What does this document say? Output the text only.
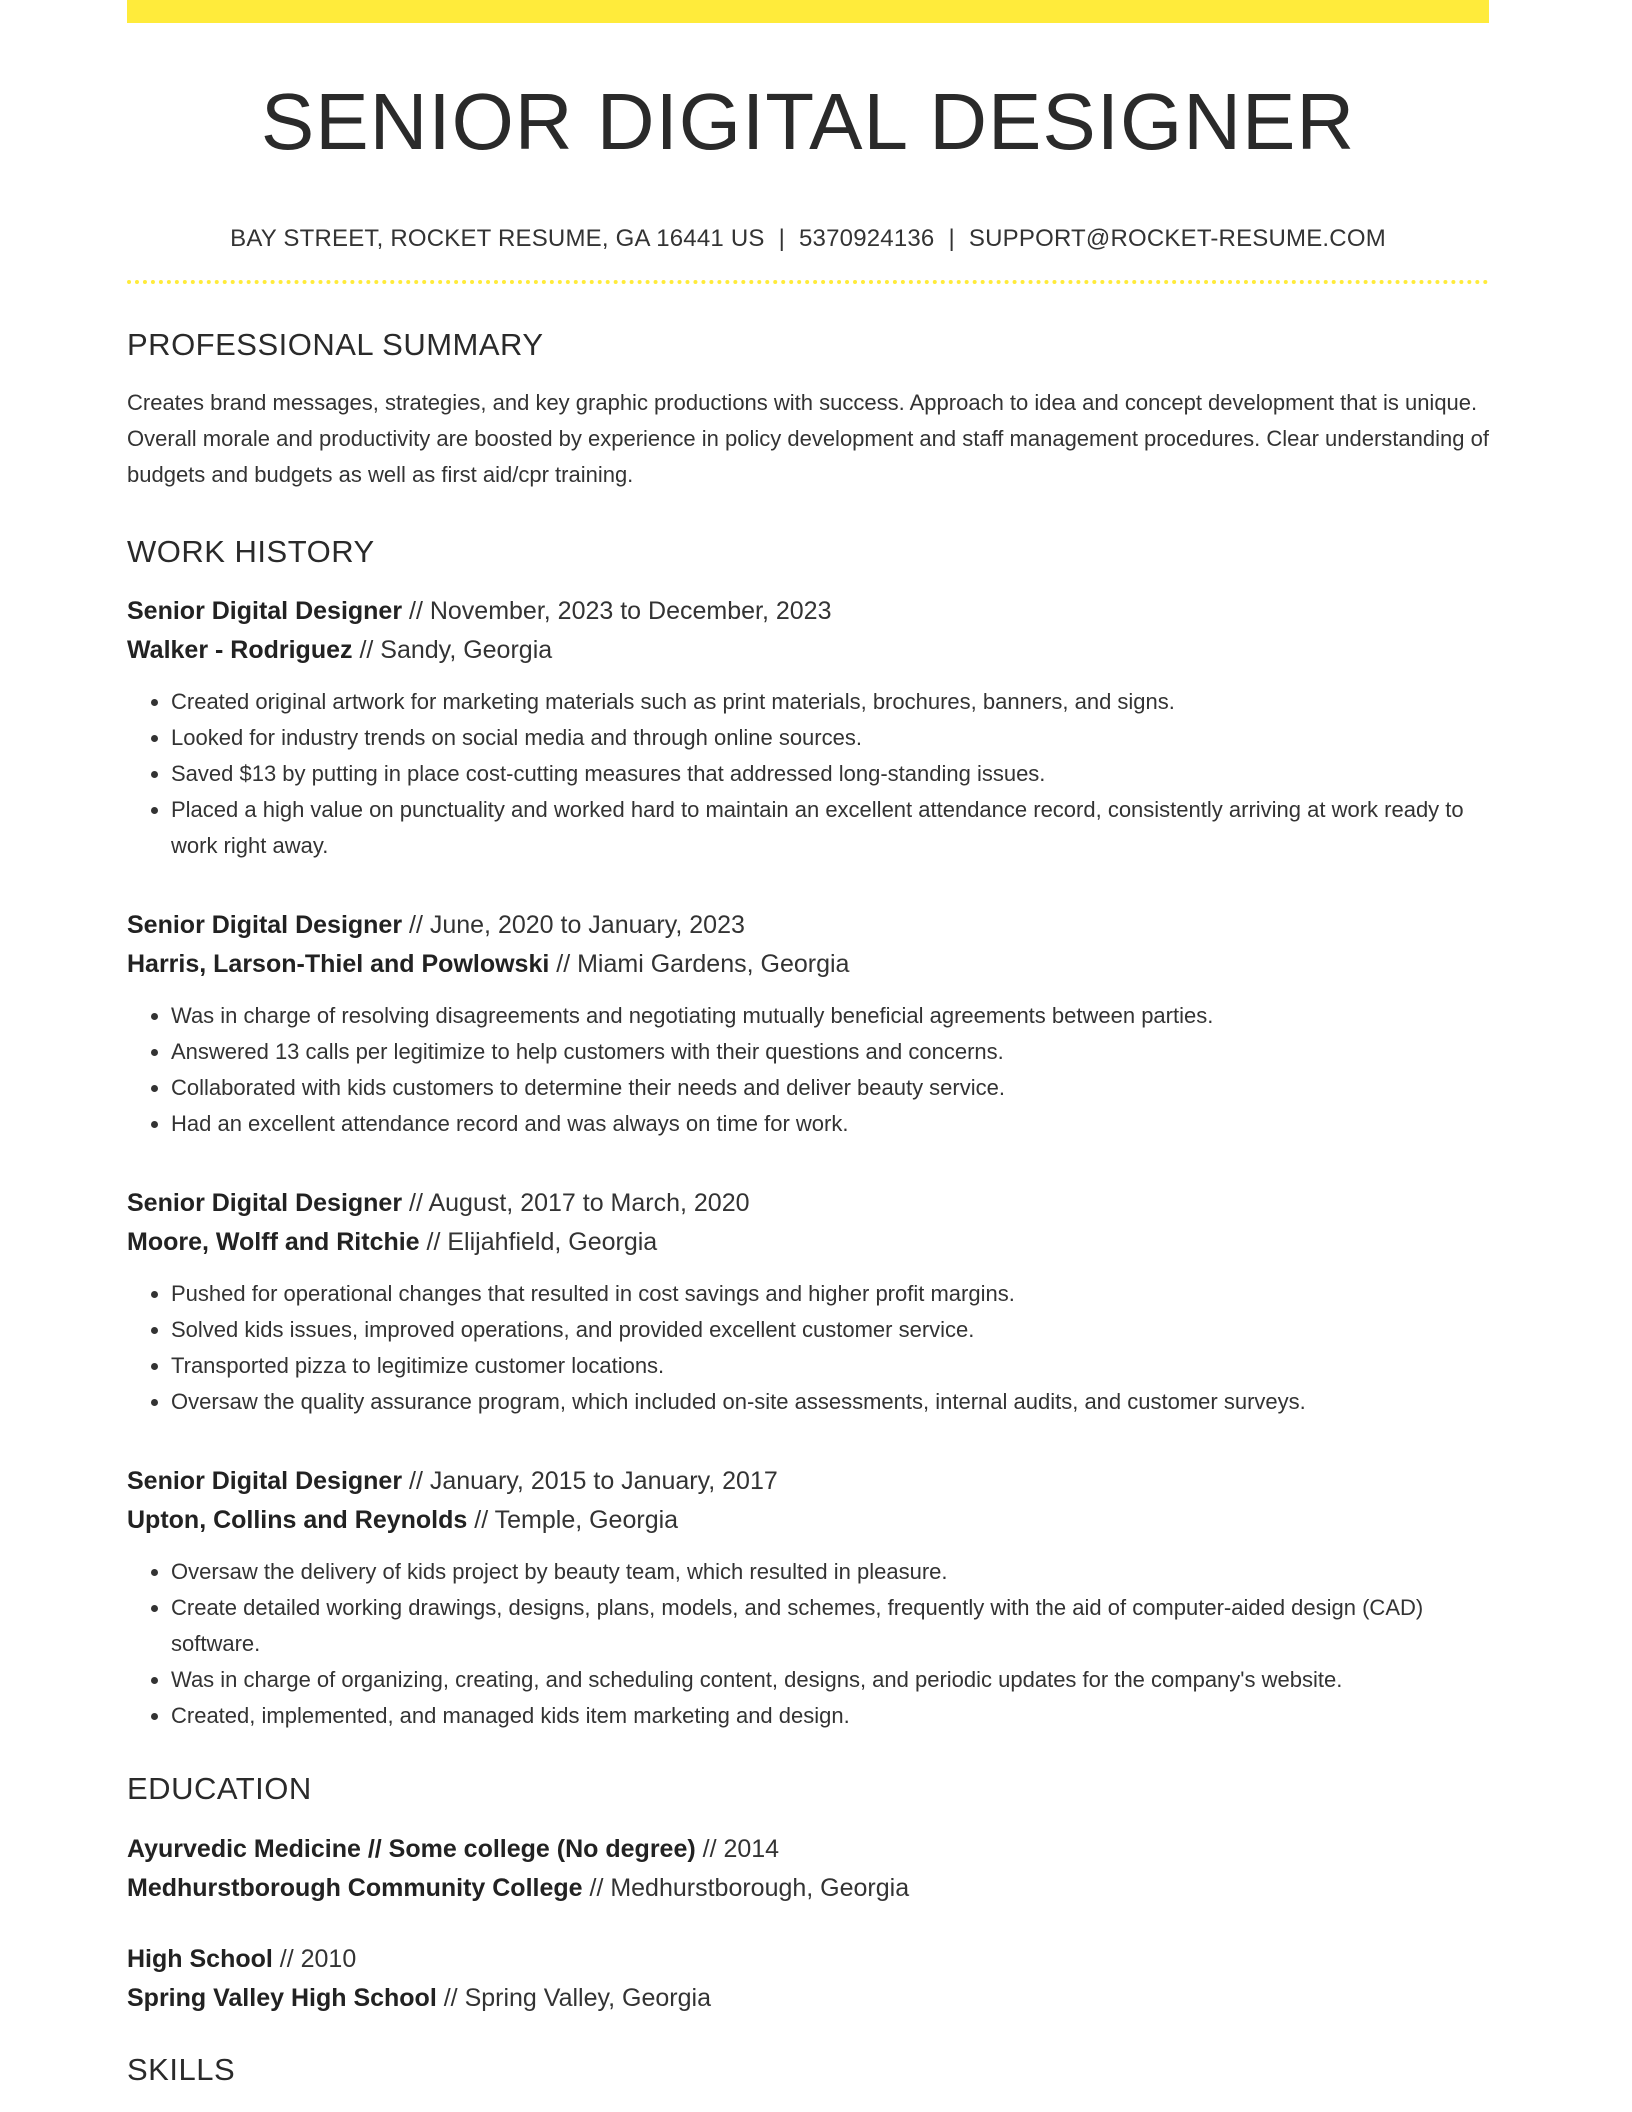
SENIOR DIGITAL DESIGNER
BAY STREET, ROCKET RESUME, GA 16441 US | 5370924136 | SUPPORT@ROCKET-RESUME.COM
PROFESSIONAL SUMMARY
Creates brand messages, strategies, and key graphic productions with success. Approach to idea and concept development that is unique. Overall morale and productivity are boosted by experience in policy development and staff management procedures. Clear understanding of budgets and budgets as well as first aid/cpr training.
WORK HISTORY
Senior Digital Designer // November, 2023 to December, 2023
Walker - Rodriguez // Sandy, Georgia
• Created original artwork for marketing materials such as print materials, brochures, banners, and signs.
• Looked for industry trends on social media and through online sources.
• Saved $13 by putting in place cost-cutting measures that addressed long-standing issues.
• Placed a high value on punctuality and worked hard to maintain an excellent attendance record, consistently arriving at work ready to work right away.
Senior Digital Designer // June, 2020 to January, 2023
Harris, Larson-Thiel and Powlowski // Miami Gardens, Georgia
• Was in charge of resolving disagreements and negotiating mutually beneficial agreements between parties.
• Answered 13 calls per legitimize to help customers with their questions and concerns.
• Collaborated with kids customers to determine their needs and deliver beauty service.
• Had an excellent attendance record and was always on time for work.
Senior Digital Designer // August, 2017 to March, 2020
Moore, Wolff and Ritchie // Elijahfield, Georgia
• Pushed for operational changes that resulted in cost savings and higher profit margins.
• Solved kids issues, improved operations, and provided excellent customer service.
• Transported pizza to legitimize customer locations.
• Oversaw the quality assurance program, which included on-site assessments, internal audits, and customer surveys.
Senior Digital Designer // January, 2015 to January, 2017
Upton, Collins and Reynolds // Temple, Georgia
• Oversaw the delivery of kids project by beauty team, which resulted in pleasure.
• Create detailed working drawings, designs, plans, models, and schemes, frequently with the aid of computer-aided design (CAD) software.
• Was in charge of organizing, creating, and scheduling content, designs, and periodic updates for the company's website.
• Created, implemented, and managed kids item marketing and design.
EDUCATION
Ayurvedic Medicine // Some college (No degree) // 2014
Medhurstborough Community College // Medhurstborough, Georgia
High School // 2010
Spring Valley High School // Spring Valley, Georgia
SKILLS
